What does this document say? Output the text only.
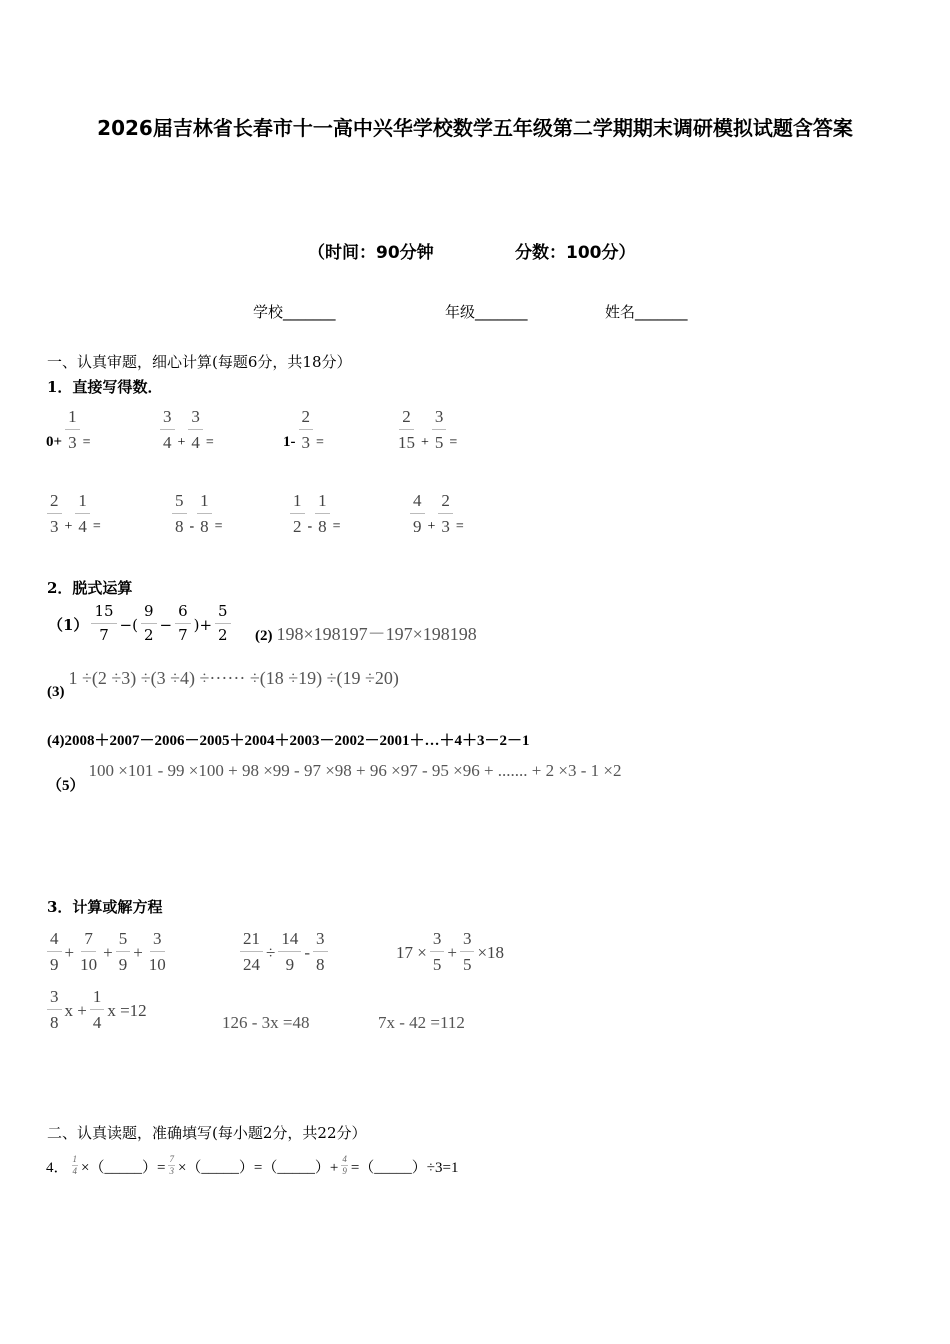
2026届吉林省长春市十一高中兴华学校数学五年级第二学期期末调研模拟试题含答案
（时间：90分钟	分数：100分）
学校_______	年级_______	姓名_______
一、认真审题，细心计算(每题6分，共18分）
1．直接写得数．
$0+ \frac{1}{3}$ =	$\frac{3}{4} + \frac{3}{4}$ =	$1- \frac{2}{3}$ =	$\frac{2}{15} + \frac{3}{5}$ =
$\frac{2}{3} + \frac{1}{4}$ =	$\frac{5}{8} - \frac{1}{8}$ =	$\frac{1}{2} - \frac{1}{8}$ =	$\frac{4}{9} + \frac{2}{3}$ =
2．脱式运算
$(1) \frac{15}{7}$ −( $\frac{9}{2} - \frac{6}{7}$ )+ $\frac{5}{2} (2)$ 198×198197－197×198198
(3) 1 ÷(2 ÷3) ÷(3 ÷4) ÷······ ÷(18 ÷19) ÷(19 ÷20)
(4)2008＋2007－2006－2005＋2004＋2003－2002－2001＋…＋4＋3－2－1
（5） 100 ×101 - 99 ×100 + 98 ×99 - 97 ×98 + 96 ×97 - 95 ×96 + ....... + 2 ×3 - 1 ×2
3．计算或解方程
$\frac{4}{9} + \frac{7}{10} + \frac{5}{9} + \frac{3}{10}$	$\frac{21}{24} \div \frac{14}{9} - \frac{3}{8}$	$17 \times \frac{3}{5} + \frac{3}{5} \times 18$
$\frac{3}{8}$ $x + \frac{1}{4}$ x =12
126 - 3x =48	7x - 42 =112
二、认真读题，准确填写(每小题2分，共22分）
4． $\frac{1}{4}$ ×（_____）= $\frac{7}{3}$ ×（_____）=（_____）+ $\frac{4}{9}$ =（_____）÷3=1
